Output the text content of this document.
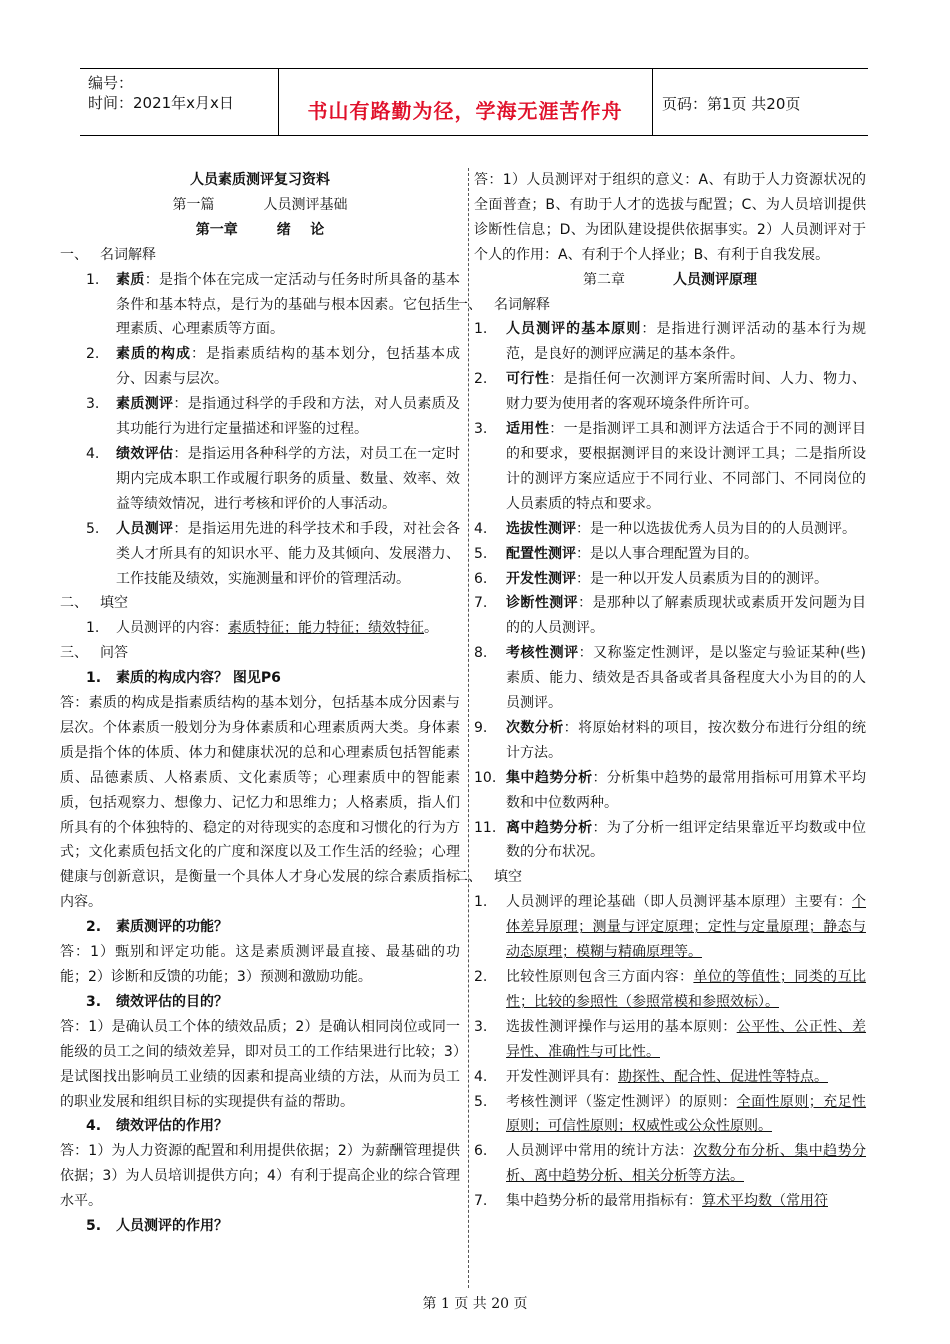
编号：
时间：2021年x月x日	书山有路勤为径，学海无涯苦作舟	页码：第1页 共20页

人员素质测评复习资料

第一篇           人员测评基础

第一章        绪    论

一、 名词解释

1. 素质：是指个体在完成一定活动与任务时所具备的基本条件和基本特点，是行为的基础与根本因素。它包括生理素质、心理素质等方面。

2. 素质的构成：是指素质结构的基本划分，包括基本成分、因素与层次。

3. 素质测评：是指通过科学的手段和方法，对人员素质及其功能行为进行定量描述和评鉴的过程。

4. 绩效评估：是指运用各种科学的方法，对员工在一定时期内完成本职工作或履行职务的质量、数量、效率、效益等绩效情况，进行考核和评价的人事活动。

5. 人员测评：是指运用先进的科学技术和手段，对社会各类人才所具有的知识水平、能力及其倾向、发展潜力、工作技能及绩效，实施测量和评价的管理活动。

二、 填空

1. 人员测评的内容：素质特征；能力特征；绩效特征。

三、 问答

1. 素质的构成内容？ 图见P6

答：素质的构成是指素质结构的基本划分，包括基本成分因素与层次。个体素质一般划分为身体素质和心理素质两大类。身体素质是指个体的体质、体力和健康状况的总和心理素质包括智能素质、品德素质、人格素质、文化素质等；心理素质中的智能素质，包括观察力、想像力、记忆力和思维力；人格素质，指人们所具有的个体独特的、稳定的对待现实的态度和习惯化的行为方式；文化素质包括文化的广度和深度以及工作生活的经验；心理健康与创新意识，是衡量一个具体人才身心发展的综合素质指标内容。

2. 素质测评的功能？

答：1）甄别和评定功能。这是素质测评最直接、最基础的功能；2）诊断和反馈的功能；3）预测和激励功能。

3. 绩效评估的目的？

答：1）是确认员工个体的绩效品质；2）是确认相同岗位或同一能级的员工之间的绩效差异，即对员工的工作结果进行比较；3）是试图找出影响员工业绩的因素和提高业绩的方法，从而为员工的职业发展和组织目标的实现提供有益的帮助。

4. 绩效评估的作用？

答：1）为人力资源的配置和利用提供依据；2）为薪酬管理提供依据；3）为人员培训提供方向；4）有利于提高企业的综合管理水平。

5. 人员测评的作用？

答：1）人员测评对于组织的意义：A、有助于人力资源状况的全面普查；B、有助于人才的选拔与配置；C、为人员培训提供诊断性信息；D、为团队建设提供依据事实。2）人员测评对于个人的作用：A、有利于个人择业；B、有利于自我发展。

第二章	人员测评原理

一、 名词解释

1. 人员测评的基本原则：是指进行测评活动的基本行为规范，是良好的测评应满足的基本条件。

2. 可行性：是指任何一次测评方案所需时间、人力、物力、财力要为使用者的客观环境条件所许可。

3. 适用性：一是指测评工具和测评方法适合于不同的测评目的和要求，要根据测评目的来设计测评工具；二是指所设计的测评方案应适应于不同行业、不同部门、不同岗位的人员素质的特点和要求。

4. 选拔性测评：是一种以选拔优秀人员为目的的人员测评。

5. 配置性测评：是以人事合理配置为目的。

6. 开发性测评：是一种以开发人员素质为目的的测评。

7. 诊断性测评：是那种以了解素质现状或素质开发问题为目的的人员测评。

8. 考核性测评：又称鉴定性测评，是以鉴定与验证某种(些)素质、能力、绩效是否具备或者具备程度大小为目的的人员测评。

9. 次数分析：将原始材料的项目，按次数分布进行分组的统计方法。

10. 集中趋势分析：分析集中趋势的最常用指标可用算术平均数和中位数两种。

11. 离中趋势分析：为了分析一组评定结果靠近平均数或中位数的分布状况。

二、 填空

1. 人员测评的理论基础（即人员测评基本原理）主要有：个体差异原理；测量与评定原理；定性与定量原理；静态与动态原理；模糊与精确原理等。

2. 比较性原则包含三方面内容：单位的等值性；同类的互比性；比较的参照性（参照常模和参照效标）。

3. 选拔性测评操作与运用的基本原则：公平性、公正性、差异性、准确性与可比性。

4. 开发性测评具有：勘探性、配合性、促进性等特点。

5. 考核性测评（鉴定性测评）的原则：全面性原则；充足性原则；可信性原则；权威性或公众性原则。

6. 人员测评中常用的统计方法：次数分布分析、集中趋势分析、离中趋势分析、相关分析等方法。

7. 集中趋势分析的最常用指标有：算术平均数（常用符

第 1 页 共 20 页
